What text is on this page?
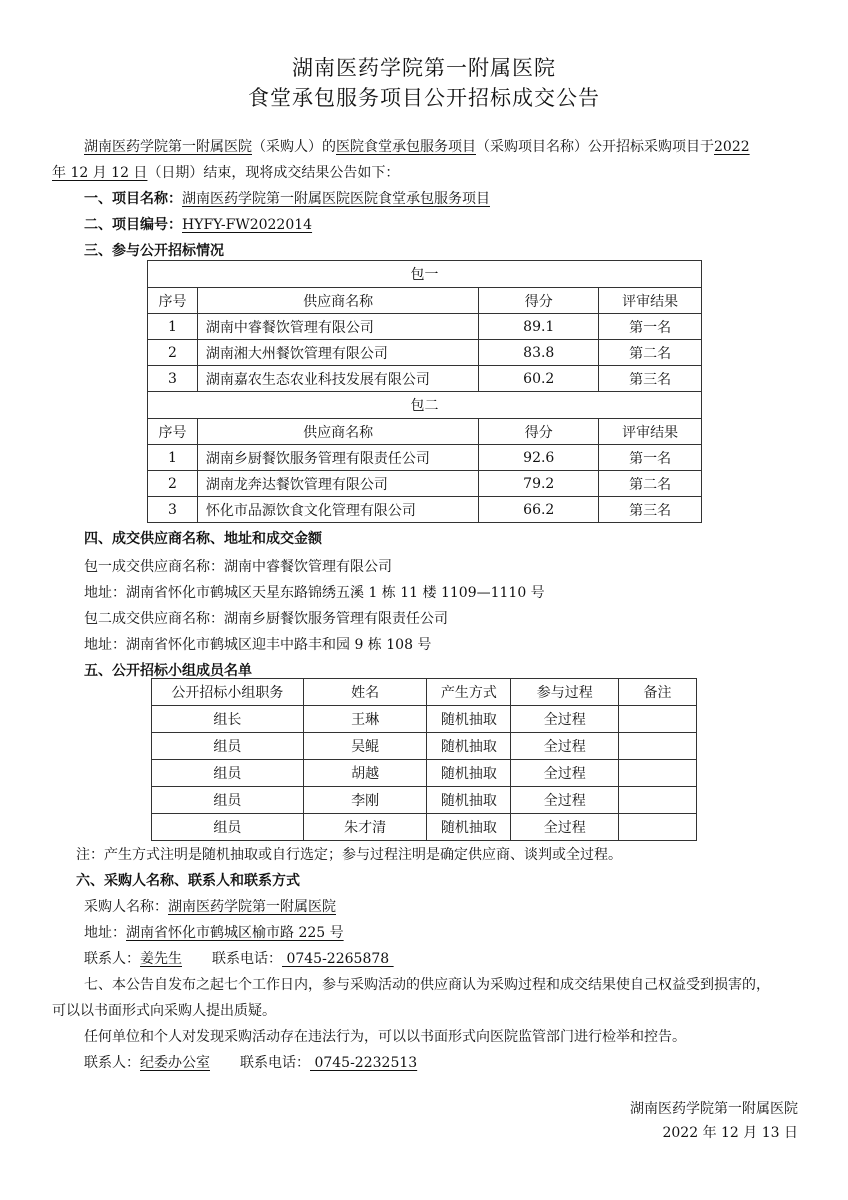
湖南医药学院第一附属医院
食堂承包服务项目公开招标成交公告
湖南医药学院第一附属医院（采购人）的医院食堂承包服务项目（采购项目名称）公开招标采购项目于2022
年 12 月 12 日（日期）结束，现将成交结果公告如下：
一、项目名称：湖南医药学院第一附属医院医院食堂承包服务项目
二、项目编号：HYFY-FW2022014
三、参与公开招标情况
包一			
序号	供应商名称	得分	评审结果
1	湖南中睿餐饮管理有限公司	89.1	第一名
2	湖南湘大州餐饮管理有限公司	83.8	第二名
3	湖南嘉农生态农业科技发展有限公司	60.2	第三名
包二			
序号	供应商名称	得分	评审结果
1	湖南乡厨餐饮服务管理有限责任公司	92.6	第一名
2	湖南龙奔达餐饮管理有限公司	79.2	第二名
3	怀化市品源饮食文化管理有限公司	66.2	第三名
四、成交供应商名称、地址和成交金额
包一成交供应商名称：湖南中睿餐饮管理有限公司
地址：湖南省怀化市鹤城区天星东路锦绣五溪 1 栋 11 楼 1109—1110 号
包二成交供应商名称：湖南乡厨餐饮服务管理有限责任公司
地址：湖南省怀化市鹤城区迎丰中路丰和园 9 栋 108 号
五、公开招标小组成员名单
公开招标小组职务	姓名	产生方式	参与过程	备注
组长	王琳	随机抽取	全过程	
组员	吴鲲	随机抽取	全过程	
组员	胡越	随机抽取	全过程	
组员	李刚	随机抽取	全过程	
组员	朱才清	随机抽取	全过程	
注：产生方式注明是随机抽取或自行选定；参与过程注明是确定供应商、谈判或全过程。
六、采购人名称、联系人和联系方式
采购人名称：湖南医药学院第一附属医院
地址：湖南省怀化市鹤城区榆市路 225 号
联系人：姜先生 联系电话： 0745-2265878
七、本公告自发布之起七个工作日内，参与采购活动的供应商认为采购过程和成交结果使自己权益受到损害的，
可以以书面形式向采购人提出质疑。
任何单位和个人对发现采购活动存在违法行为，可以以书面形式向医院监管部门进行检举和控告。
联系人：纪委办公室 联系电话： 0745-2232513
湖南医药学院第一附属医院
2022 年 12 月 13 日
